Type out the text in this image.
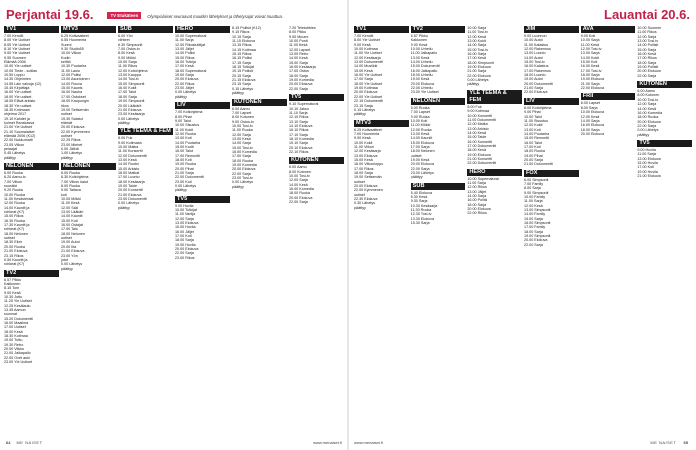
Perjantai 19.6.	TV Etukäteen	Olympialaiset seuraavat muutkin lähetykset ja lähetysajat voivat muuttua.
TV1
7.00 Kendili
8.00 Yle Uutiset
8.05 Yle Uutiset
8.10 Yle Uutiset
9.00 Yle Uutiset
9.55 Suomen
Elämää 2006
10.00 Yle uutiset
10.05 Tiede - sotilas
10.50 Loppu
14.30 Ohjelmien
14.55 Lain valvoja (12)
15.45 Kirjoittaja
16.00 Yle uutiset
18.00 Yle uutiset
18.05 Elävä arkisto
18.30 Yle uutiset
18.35 Kotimaan
ohjelma 2017
19.10 Kahdet ja
kolmet Ranskassa
21.00 Yle Uutiset
21.10 Suomalaiset
elämää 2006 (K12)
22.00 Nukkumatti
23.05 Viikon
pelaajat
0.45 Lähetys
päättyy
NELONEN
6.00 Ruoka
6.20 Aamu-tv
7.00 Viikon
suosikki
9.20 Ruoka
10.00 Ruoka
11.00 Kesävieraat
12.00 Ruoka
14.00 Kauniit ja
rohkeat (K7)
15.00 Rikos
16.30 Ruoka
17.30 Kauniit ja
rohkeat (K7)
18.00 Nelonen
uutiset
18.30 Elixir
20.00 Ruoka
21.00 Elokuva
23.15 Rikos
0.50 Kauniit ja
rohkeat (K7)
TV2
6.57 Pikku
Kakkonen
8.15 Tom
9.00 Kesä
10.30 Juttu
11.25 Yle Uutiset
12.25 Kesälaulu
13.45 Aamun
suunnat
15.20 Dokumentti
16.00 Maailma
17.00 Uutiset
18.00 Kesä
18.30 Kotimaa
19.00 Tuttu
19.30 Retro
20.00 Viikko
21.00 Jalkapallo
22.00 Ovet auki
23.00 Yle Uutiset
MTV3
6.25 Kotivaatteet
6.55 Huomenta
Suomi
9.30 Studio55
10.00 Viikon
Kodin
keittiö
10.30 Puutarha
11.00 Laulu
12.00 Poliisi
13.00 Asuntoinen
14.00 Rouva
15.00 Kaunis
16.00 Nauha
17.00 Ostokset
18.00 Kaupungin
rikos
19.00 Seitsemän
uutiset
19.30 Salatut
elämät
20.00 Elokuva
22.00 Kymmenen
uutiset
22.25 Rikos
23.00 Miehet
0.00 Jälkiä
1.00 Lähetys
päättyy
NELONEN
6.00 Ruoka
6.30 Kotiohjelma
7.00 Viikon kalut
8.00 Ruoka
9.00 Taitava
koti
10.00 Mökki
11.00 Kesä
12.00 Sää
13.00 Lääkäri
14.00 Kauniit
15.00 Koti
16.00 Ostajat
17.00 Talo
18.00 Nelonen
uutiset
19.00 Autot
20.00 Ilta
21.00 Elokuva
23.00 Yön
jutut
0.00 Lähetys
päättyy
SUB
6.00 Yön
viihteet
6.30 Simpsonit
7.00 Ostos-tv
8.00 Kesä
9.00 Mökki
10.00 Sarja
11.00 Rikos
12.00 Kotiohjelma
13.00 Kauppa
14.00 Tosi-tv
15.00 Simpsonit
16.00 Kokit
17.00 Talot
18.00 Sarja
19.00 Simpsonit
20.00 Lääkärit
21.00 Elokuva
23.00 Kesäsarja
0.00 Lähetys
päättyy
YLE TEEMA & FEM
8.00 Fuk
9.00 Kotimaan
10.00 Matka
11.00 Konsertti
12.00 Dokumentti
13.00 Kesä
14.00 Ruotsi
15.00 Arkisto
16.00 Matkat
17.00 Luonto
18.00 Kesäsarja
19.00 Taide
20.00 Konsertti
21.00 Elokuva
23.00 Dokumentti
0.00 Lähetys
päättyy
HERO
10.00 Supernatural
11.00 Sarja
12.00 Rikostutkijat
13.00 Jäljet
14.00 Poliisi
15.00 Rikos
16.00 Tutkija
17.00 Kesä
18.00 Supernatural
19.00 Sarja
20.00 Elokuva
22.00 Rikos
23.00 Jäljet
0.00 Lähetys
päättyy
LIV
7.00 Kotiohjelma
8.00 Pihat
9.00 Talot
10.00 Sisustus
11.00 Kokit
12.00 Ruoka
13.00 Koti
14.00 Puutarha
15.00 Kodit
16.00 Talot
17.00 Remontti
18.00 Koti
19.00 Ruoka
20.00 Pihat
21.00 Sarja
22.00 Dokumentti
23.00 Koti
0.00 Lähetys
päättyy
TV5
9.00 Huvila
10.00 Tutkijat
11.00 Vartija
12.00 Sarja
13.00 Elokuva
15.00 Huvila
16.00 Jäljet
17.00 Koti
18.00 Sarja
19.00 Huvila
20.00 Elokuva
22.00 Sarja
23.00 Rikos
8.15 Poliisit (K12)
9.15 Rikos
10.15 Sarja
11.15 Elokuva
13.15 Rikos
14.15 Kotimaa
15.15 Rikos
16.15 Poliisi
17.15 Sarja
18.15 Tutkijat
19.15 Poliisit
20.15 Sarja
21.15 Elokuva
23.15 Sarja
0.15 Lähetys
päättyy
KUTONEN
6.00 Aamu
7.00 Lapset
8.00 Kutonen
9.00 Ostos-tv
10.00 Tosi-tv
11.00 Ruoka
12.00 Sarja
13.00 Kesä
14.00 Sarja
15.00 Tosi-tv
16.00 Komedia
17.00 Sarja
18.00 Ruoka
19.00 Komedia
20.00 Elokuva
22.00 Sarja
23.00 Tosi-tv
0.00 Lähetys
päättyy
7.20 Teletubbies
8.00 Pikku
9.00 Muumi
10.00 Ponit
11.00 Kesä
12.00 Lapset
13.00 Retro
14.00 Kesä
15.00 Sarja
16.00 Kesäsarja
17.00 Ostos
18.00 Sarja
19.00 Komedia
20.00 Elokuva
22.00 Sarja
TV5
9.10 Supernatural
10.10 Jakso
11.10 Sarja
12.10 Rikos
13.10 Sarja
14.10 Elokuva
16.10 Rikos
17.10 Sarja
18.10 Komedia
19.10 Sarja
20.10 Elokuva
22.10 Rikos
KUTONEN
6.00 Aamu
8.00 Kutonen
10.00 Tosi-tv
12.00 Sarja
14.00 Kesä
16.00 Komedia
18.00 Ruoka
20.00 Elokuva
22.00 Sarja
64 ME NAISET	www.menaiset.fi
Lauantai 20.6.
TV1
7.00 Kendili
8.00 Yle Uutiset
9.00 Kesä
10.00 Kotimaa
11.00 Yle Uutiset
12.00 Kesäsarja
13.00 Dokumentti
14.00 Musiikki
15.00 Kesä
16.00 Yle Uutiset
17.00 Sarja
18.00 Yle Uutiset
19.00 Kotimaa
20.00 Elokuva
22.00 Yle Uutiset
22.15 Dokumentti
23.15 Sarja
0.15 Lähetys
päättyy
MTV3
6.25 Kotivaatteet
7.00 Huomenta
9.00 Kesä
10.00 Kokit
11.00 Viikon
12.00 Kesäsarja
13.00 Elokuva
15.00 Kesä
16.00 Viikonloppu
17.00 Rikos
18.00 Sarja
19.00 Seitsemän
uutiset
20.00 Elokuva
22.00 Kymmenen
uutiset
22.30 Elokuva
0.30 Lähetys
päättyy
TV2
6.57 Pikku
Kakkonen
9.00 Kesä
10.00 Urheilu
11.00 Jalkapallo
13.00 Kesä
14.00 Urheilu
15.00 Dokumentti
16.00 Jalkapallo
18.00 Urheilu
19.00 Kesä
20.00 Elokuva
22.00 Urheilu
23.00 Yle Uutiset
NELONEN
6.00 Ruoka
7.00 Lapset
9.00 Ruoka
10.00 Koti
11.00 Mökki
12.00 Ruoka
13.00 Kesä
14.00 Kauniit
15.00 Elokuva
17.00 Sarja
18.00 Nelonen
uutiset
19.00 Kesä
20.00 Elokuva
22.00 Sarja
23.00 Lähetys
päättyy
SUB
6.40 Elokuva
8.30 Kesä
9.30 Sarja
10.30 Kesäsarja
11.30 Ruoka
12.30 Tosi-tv
13.30 Elokuva
15.30 Sarja
10.00 Sarja
11.00 Tosi-tv
12.00 Kesä
13.00 Kokit
14.00 Sarja
15.00 Tosi-tv
16.00 Sarja
17.00 Kesä
18.00 Simpsonit
19.00 Elokuva
21.00 Sarja
22.00 Elokuva
0.00 Lähetys
päättyy
YLE TEEMA & FEM
8.00 Fuk
9.00 Kotimaa
10.00 Konsertti
11.00 Dokumentti
12.00 Matka
13.00 Arkisto
14.00 Kesä
15.00 Taide
16.00 Konsertti
17.00 Dokumentti
18.00 Kesä
19.00 Elokuva
21.00 Konsertti
22.00 Dokumentti
HERO
10.00 Supernatural
11.00 Sarja
12.00 Rikos
13.00 Jäljet
14.00 Sarja
16.00 Poliisi
18.00 Sarja
20.00 Elokuva
22.00 Rikos
JIM
9.00 Luonnon
10.00 Autot
11.00 Kalastus
12.00 Rakennus
13.00 Luonto
14.00 Autot
15.00 Tosi-tv
16.00 Kalastus
17.00 Rakennus
18.00 Luonto
19.00 Autot
20.00 Dokumentti
21.00 Sarja
22.00 Elokuva
LIV
8.00 Kotiohjelma
9.00 Pihat
10.00 Talot
11.00 Sisustus
12.00 Kokit
13.00 Koti
14.00 Puutarha
15.00 Remontti
16.00 Talot
17.00 Koti
18.00 Ruoka
19.00 Pihat
20.00 Sarja
21.00 Dokumentti
FOX
6.00 Simpsonit
7.00 Family
8.00 Sarja
9.00 Simpsonit
10.00 Family
11.00 Sarja
12.00 Kesä
13.00 Simpsonit
14.00 Family
15.00 Sarja
16.00 Simpsonit
17.00 Family
18.00 Sarja
19.00 Simpsonit
20.00 Elokuva
22.00 Sarja
AVA
9.00 Koti
10.00 Sarja
11.00 Kesä
12.00 Tosi-tv
13.00 Sarja
14.00 Kokit
15.00 Koti
16.00 Kesä
17.00 Tosi-tv
18.00 Sarja
19.00 Elokuva
21.00 Sarja
22.00 Elokuva
FRII
6.00 Lapset
8.00 Sarja
10.00 Elokuva
12.00 Kesä
14.00 Sarja
16.00 Elokuva
18.00 Sarja
20.00 Elokuva
10.00 Suomen
11.00 Rikos
12.00 Sarja
13.00 Tosi-tv
14.00 Poliisit
15.00 Sarja
16.00 Kesä
17.00 Rikos
18.00 Sarja
19.00 Poliisit
20.00 Elokuva
22.00 Sarja
KUTONEN
6.00 Aamu
8.00 Kutonen
10.00 Tosi-tv
12.00 Sarja
14.00 Kesä
16.00 Komedia
18.00 Ruoka
20.00 Elokuva
22.00 Sarja
0.00 Lähetys
päättyy
TV5
9.00 Huvila
11.00 Sarja
13.00 Elokuva
15.00 Huvila
17.00 Koti
19.00 Huvila
21.00 Elokuva
www.menaiset.fi	ME NAISET 65
